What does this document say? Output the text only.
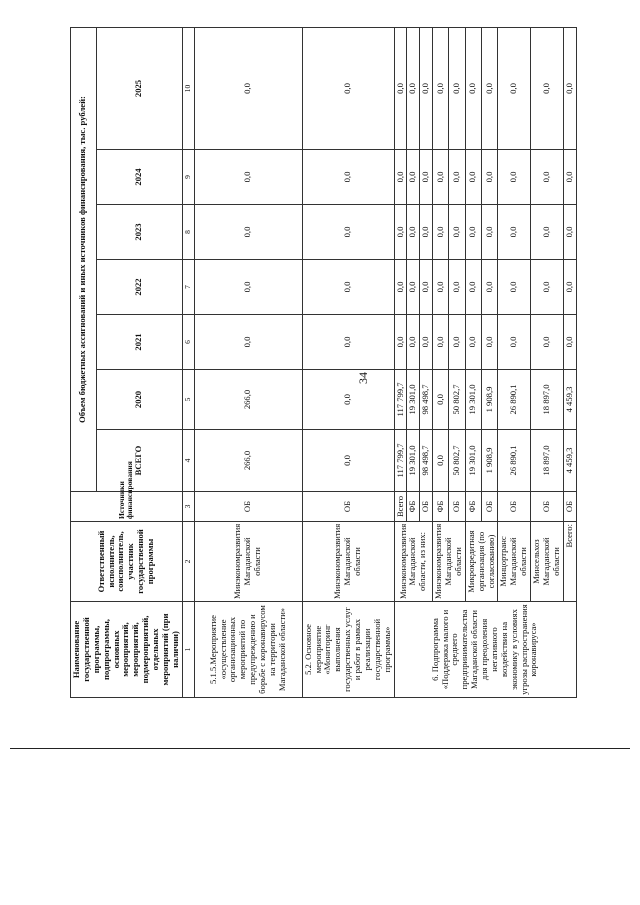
34
Наименование государственной программы, подпрограммы, основных мероприятий, мероприятий, подмероприятий, отдельных мероприятий (при наличии)	Ответственный исполнитель, соисполнитель, участник государственной программы	Источники финансирования	Объем бюджетных ассигнований и иных источников финансирования, тыс. рублей:						
			ВСЕГО	2020	2021	2022	2023	2024	2025
1	2	3	4	5	6	7	8	9	10
5.1.5.Мероприятие «осуществление организационных мероприятий по предупреждению и борьбе с коронавирусом на территории Магаданской области»	Минэкономразвития Магаданской области	ОБ	266,0	266,0	0,0	0,0	0,0	0,0	0,0
5.2. Основное мероприятие «Мониторинг выполнения государственных услуг и работ в рамках реализации государственной программы»	Минэкономразвития Магаданской области	ОБ	0,0	0,0	0,0	0,0	0,0	0,0	0,0
6. Подпрограмма «Поддержка малого и среднего предпринимательства Магаданской области для преодоления негативного воздействия на экономику в условиях угрозы распространения коронавируса»	Минэкономразвития Магаданской области, из них:	Всего	117 799,7	117 799,7	0,0	0,0	0,0	0,0	0,0
		ФБ	19 301,0	19 301,0	0,0	0,0	0,0	0,0	0,0
		ОБ	98 498,7	98 498,7	0,0	0,0	0,0	0,0	0,0
	Минэкономразвития Магаданской области	ФБ	0,0	0,0	0,0	0,0	0,0	0,0	0,0
		ОБ	50 802,7	50 802,7	0,0	0,0	0,0	0,0	0,0
	Микрокредитная организация (по согласованию)	ФБ	19 301,0	19 301,0	0,0	0,0	0,0	0,0	0,0
		ОБ	1 908,9	1 908,9	0,0	0,0	0,0	0,0	0,0
	Минцортранс Магаданской области	ОБ	26 890,1	26 890,1	0,0	0,0	0,0	0,0	0,0
	Минсельхоз Магаданской области	ОБ	18 897,0	18 897,0	0,0	0,0	0,0	0,0	0,0
	Всего:	ОБ	4 459,3	4 459,3	0,0	0,0	0,0	0,0	0,0
